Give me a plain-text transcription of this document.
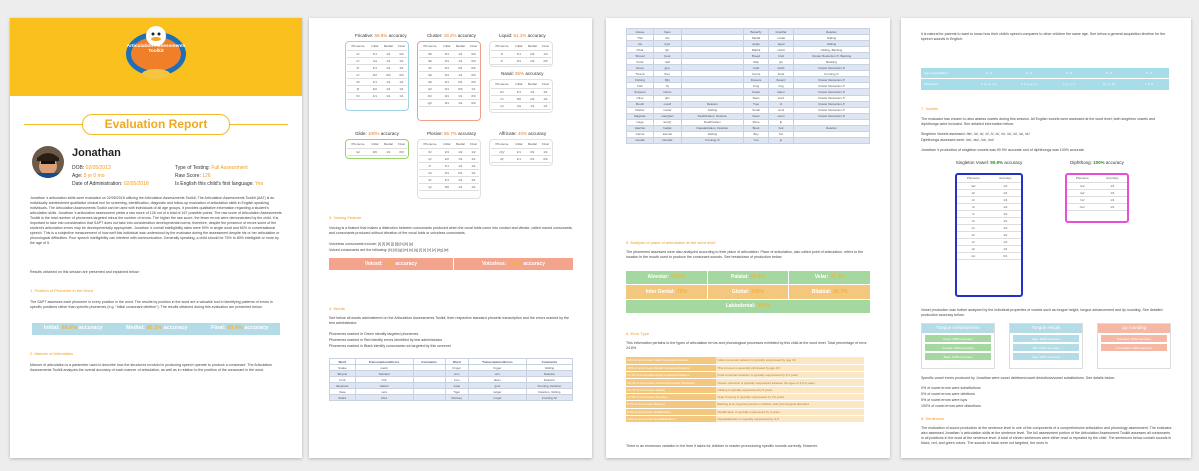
Articulation Assessments Toolkit
Evaluation Report
Jonathan
DOB: 02/05/2013
Age: 5 yr 0 mo
Date of Administration: 02/05/2018
Type of Testing: Full Assessment
Raw Score: 126
Is English this child's first language: Yes
Jonathan 's articulation skills were evaluated on 02/05/2018 utilizing the Articulation Assessments Toolkit. The Articulation Assessments Toolkit (AAT) is an individually administered qualitative clinical tool for screening, identification, diagnosis and follow-up evaluation of articulation skills in English speaking individuals. The Articulation Assessments Toolkit can be used with individuals of all age groups, it provides qualitative information regarding a student's articulation skills. Jonathan 's articulation assessment yields a raw score of 126 out of a total of 167 possible points. The raw score of Articulation Assessments Toolkit is the total number of phonemes targeted minus the number of errors. The higher the raw score, the fewer errors were demonstrated by the child. It is important to take into consideration that SAPT does not take into consideration developmental norms; therefore, despite the presence of errors some of the student's articulation errors may be developmentally appropriate. Jonathan 's overall intelligibility rates were 90% in single word and 60% in conversational speech. This is a subjective measurement of how well this individual was understood by the evaluator during the assessment despite his or her articulation or phonological difficulties. Poor speech intelligibility can interfere with communication. Generally speaking, a child should be 75% to 80% intelligible or more by the age of 5.
Results obtained on this session are presented and explained below:
1. Position of Phoneme in the Word
The SAPT assesses each phoneme in every position in the word. The results by position in the word are a valuable tool in identifying patterns of errors in specific positions rather than specific phonemes (e.g. "initial consonant deletion"). The results obtained during this evaluation are presented below:
Initial: 69.6% accuracy	Medial: 80.2% accuracy	Final: 69.6% accuracy
2. Manner of Articulation
Manner of articulation is a parameter used to describe how the structures involved in producing speech operate to produce a consonant. The Articulation Assessments Toolkit analyzes the overall accuracy of each manner of articulation, as well as in relation to the position of the consonant in the word.
Fricative: 68.8% accuracy
Phoneme	Initial	Medial	Final
/s/	1/1	1/1	2/2
/z/	n/a	1/1	1/1
/f/	1/1	1/1	1/1
/v/	2/2	0/0	0/0
/θ/	1/1	1/1	1/1
/ʃ/	2/2	1/1	1/1
/h/	1/1	1/1	1/1
Cluster: 18.2% accuracy
Phoneme	Initial	Medial	Final
/bl/	0/1	1/1	0/0
/kl/	0/1	1/1	0/0
/fl/	0/1	0/1	0/0
/pl/	0/1	1/1	0/0
/sl/	0/1	0/1	0/0
/st/	0/1	0/0	1/1
/br/	0/1	1/1	0/0
/gr/	0/1	1/1	0/0
Liquid: 51.1% accuracy
Phoneme	Initial	Medial	Final
/l/	1/1	2/2	1/4
/r/	0/1	2/2	2/5
Nasal: 95% accuracy
Phoneme	Initial	Medial	Final
/m/	1/1	1/1	1/1
/n/	0/0	2/2	1/1
/ŋ/	n/a	1/1	1/1
Glide: 100% accuracy
Phoneme	Initial	Medial	Final
/w/	0/0	1/1	0/0
Plosive: 85.7% accuracy
Phoneme	Initial	Medial	Final
/b/	2/4	1/2	1/2
/p/	2/2	1/1	1/1
/t/	1/1	1/1	1/1
/d/	0/1	0/1	1/1
/k/	1/1	1/1	1/1
/g/	0/0	1/1	1/1
Affricate: 40% accuracy
Phoneme	Initial	Medial	Final
/dʒ/	1/1	0/1	1/1
/tʃ/	1/1	0/1	0/0
3. Voicing Feature
Voicing is a feature that makes a distinction between consonants produced when the vocal folds come into contact and vibrate, called voiced consonants, and consonants produced without vibration of the vocal folds or voiceless consonants.
Voiceless consonants include: [t] [f] [θ] [ʃ] [tʃ] [h] [k] [p]
Voiced consonants are the following: [b] [d] [g] [m] [n] [ŋ] [l] [r] [v] [z] [dʒ] [w]
Voiced:
75%
accuracy	Voiceless:
78.9%
accuracy
4. Words
See below all words administered on the Articulation Assessments Toolkit, their respective standard phonetic transcription and the errors marked by the test administrator.
Phonemes marked in Green identify targeted phonemes
Phonemes marked in Red identify errors identified by test administrator
Phonemes marked in Black identify consonants not targeted by this screener
Word	Transcriptions/Errors	Comments	Word	Transcriptions/Errors	Comments
Snake	sneɪk		Finger	fɪŋgər	Gliding
Bicycle	baɪsɪkəl		Arm	ɑrm	Deletion
Fork	fɔrk		Lion	laɪən	Deletion
Elephant	ɛləfənt		Goat	goʊt	Fronting, Deletion
Vase	veɪs		Tiger	taɪgər	Deletion, Gliding
Zebra	zibrə		Monkey	mʌŋki	Fronting /k/
House	haʊs		Butterfly	bʌtərflaɪ	Deletion
This	ðɪs		Medal	mɛdəl	Gliding
Jar	dʒɑr		Apple	æpəl	Gliding
Chair	tʃɛr		Rabbit	ræbɪt	Gliding, Backing
Shovel	ʃʌvəl		Bread	brɛd	Cluster Reduction /l/, Backing
Knife	naɪf		Ship	ʃɪp	Backing
Glove	glʌv		Crab	kræb	Cluster Reduction /l/
Thumb	θʌm		Carrot	kɛrət	Fronting /l/
Fishing	fɪʃɪŋ		Flowers	flaʊərz	Cluster Reduction /l/
Fish	fɪʃ		Frog	frɑg	Cluster Reduction /l/
Scissors	sɪzərz		Clown	klaʊn	Cluster Reduction /l/
Olive	ɑlɪv		Stars	stɑrz	Cluster Reduction /l/
Mouth	maʊθ	Deletion	Tree	tri	Cluster Reduction /l/
Mother	mʌðər	Gliding	Small	smɔl	Cluster Reduction /l/
Magician	mədʒɪʃən	Deaffrication, Deletion	Swan	swɑn	Cluster Reduction /l/
Cage	keɪdʒ	Deaffrication	Shoe	ʃu	
Hatchet	hætʃət	Depalatization, Deletion	Book	bʊk	Deletion
Camel	kæməl	Gliding	Boy	bɔɪ	
Candle	kændəl	Fronting /t/	You	ju	
5. Analysis of place of articulation at the word level
The phonemes assessed were also analyzed according to their place of articulation. Place of articulation, also called point of articulation, refers to the location in the mouth used to produce the consonant sounds. See breakdown of production below:
Alveolar: 63.6%	Palatal: 50.0%	Velar: 71.4%
Inter Dental: 75%	Glottal: 100%	Bilabial: 85.7%
Labiodental: 100%
6. Error Type
This information pertains to the types of articulation errors and phonological processes exhibited by this child at the word level. Total percentage of error 24.6%
0.0% of errors were Initial Consonant Deletion	Initial consonant deletion is typically suppressed by age 3;0
0.0% of errors were Medial Consonant Deletion	This process is generally eliminated by age 3;0
17.4% of errors were Final Consonant Deletion	Final consonant deletion is typically suppressed by 3;3 years
26.1% of errors were Consonant Cluster Reduction	Cluster reduction is typically suppressed between the ages of 3;6-4 years
21.7% of errors were Gliding	Gliding is typically suppressed by 5 years
17.4% of errors were Fronting	Velar Fronting is typically suppressed by 3;6 years
8.7% of errors were Backing	Backing is an atypical process in children with phonological disorders
8.7% of errors were Deaffrication	Deaffrication is typically suppressed by 4 years
4.3% of errors were Depalatalization	Depalatalization is typically suppressed by 4;0
There is an enormous variation in the time it takes for children to master pronouncing specific sounds correctly. However,
it is natural for parents to want to know how their child's speech compares to other children the same age. See below a general acquisition timeline for the speech sounds in English:
Age of acquisition	2 - 3	3 - 4	4 - 5	5 - 6	6 - 7
Phonemes	h, w, m, n, p	b, d, k, g, f, j	t, ŋ, l, s, ʃ	tʃ, r, z, dʒ	v, θ, ð
7. Vowels
The evaluator has chosen to also assess vowels during this session. All English vowels were assessed at the word level; both singleton vowels and diphthongs were included. See detailed information below:
Singleton Vowels assessed: /æ/, /ɑ/, /ɛ/, /ɪ/, /i/, /ɔ/, /ʊ/, /u/, /ʌ/, /ə/, /ɚ/
Diphthongs assessed were: /eɪ/, /aɪ/, /ɔɪ/, /oʊ/
Jonathan 's production of singleton vowels was 90.9% accurate and of diphthongs was 100% accurate.
Singleton Vowel: 90.9% accuracy
Phoneme	Accuracy
/æ/	1/1
/ɑ/	1/1
/ɛ/	1/1
/ɪ/	1/1
/i/	1/1
/ɔ/	1/1
/ʊ/	1/1
/u/	1/1
/ʌ/	1/1
/ə/	1/1
/ɚ/	0/1
Diphthong: 100% accuracy
Phoneme	Accuracy
/eɪ/	1/1
/aɪ/	1/1
/ɔɪ/	1/1
/oʊ/	1/1
Vowel production was further analyzed by the individual properties of vowels such as tongue height, tongue advancement and lip rounding. See detailed production accuracy below:
Tongue Advancement
Front: 100% accuracy
Central: 100% accuracy
Back: 100% accuracy
Tongue Height
High: 100% accuracy
Mid: 100% accuracy
Low: 100% accuracy
Lip rounding
Rounded: 100% accuracy
Unrounded: 100% accuracy
Specific vowel errors produced by Jonathan were vowel deletions/vowel distortions/vowel substitutions. See details below:
0% of vowel errors were substitutions
0% of vowel errors were deletions
0% of vowel errors were lups
100% of vowel errors were distortions
8. Sentences
The evaluation of sound production at the sentence level is one of the components of a comprehensive articulation and phonology assessment. The evaluator also assessed Jonathan 's articulation skills at the sentence level. The full assessment portion of the Articulation Assessment Toolkit assesses all consonants in all positions in the word at the sentence level. A total of eleven sentences were either read or repeated by the child. The sentences below contain sounds in black, red, and green colors. The sounds in black were not targeted, the ones in
